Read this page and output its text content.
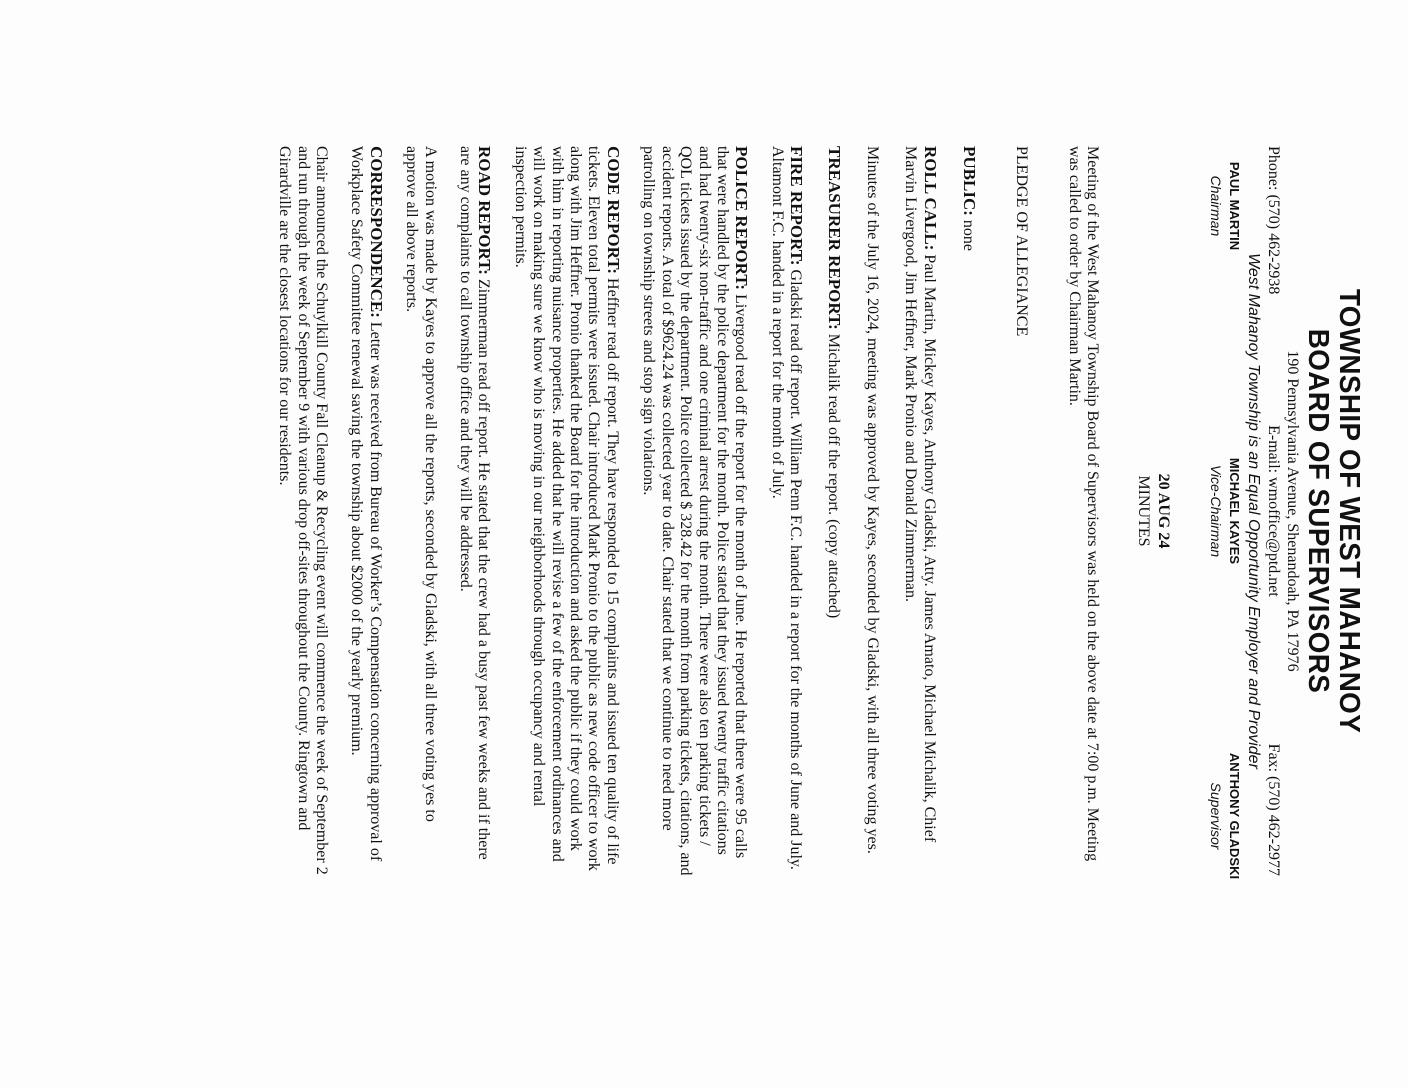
TOWNSHIP OF WEST MAHANOY
BOARD OF SUPERVISORS
190 Pennsylvania Avenue, Shenandoah, PA 17976
Phone: (570) 462-2938
E-mail: wmoffice@ptd.net
Fax: (570) 462-2977
West Mahanoy Township is an Equal Opportunity Employer and Provider
PAUL MARTIN
Chairman
MICHAEL KAYES
Vice-Chairman
ANTHONY GLADSKI
Supervisor
20 AUG 24
MINUTES

Meeting of the West Mahanoy Township Board of Supervisors was held on the above date at 7:00 p.m. Meeting was called to order by Chairman Martin.

PLEDGE OF ALLEGIANCE

PUBLIC: none

ROLL CALL: Paul Martin, Mickey Kayes, Anthony Gladski, Atty. James Amato, Michael Michalik, Chief Marvin Livergood, Jim Heffner, Mark Pronio and Donald Zimmerman.

Minutes of the July 16, 2024, meeting was approved by Kayes, seconded by Gladski, with all three voting yes.

TREASURER REPORT: Michalik read off the report. (copy attached)

FIRE REPORT: Gladski read off report. William Penn F.C. handed in a report for the months of June and July. Altamont F.C. handed in a report for the month of July.

POLICE REPORT: Livergood read off the report for the month of June. He reported that there were 95 calls that were handled by the police department for the month. Police stated that they issued twenty traffic citations and had twenty-six non-traffic and one criminal arrest during the month. There were also ten parking tickets / QOL tickets issued by the department. Police collected $ 328.42 for the month from parking tickets, citations, and accident reports. A total of $9624.24 was collected year to date. Chair stated that we continue to need more patrolling on township streets and stop sign violations.

CODE REPORT: Heffner read off report. They have responded to 15 complaints and issued ten quality of life tickets. Eleven total permits were issued. Chair introduced Mark Pronio to the public as new code officer to work along with Jim Heffner. Pronio thanked the Board for the introduction and asked the public if they could work with him in reporting nuisance properties. He added that he will revise a few of the enforcement ordinances and will work on making sure we know who is moving in our neighborhoods through occupancy and rental inspection permits.

ROAD REPORT: Zimmerman read off report. He stated that the crew had a busy past few weeks and if there are any complaints to call township office and they will be addressed.

A motion was made by Kayes to approve all the reports, seconded by Gladski, with all three voting yes to approve all above reports.

CORRESPONDENCE: Letter was received from Bureau of Worker’s Compensation concerning approval of Workplace Safety Committee renewal saving the township about $2000 of the yearly premium.

Chair announced the Schuylkill County Fall Cleanup & Recycling event will commence the week of September 2 and run through the week of September 9 with various drop off-sites throughout the County. Ringtown and Girardville are the closest locations for our residents.
